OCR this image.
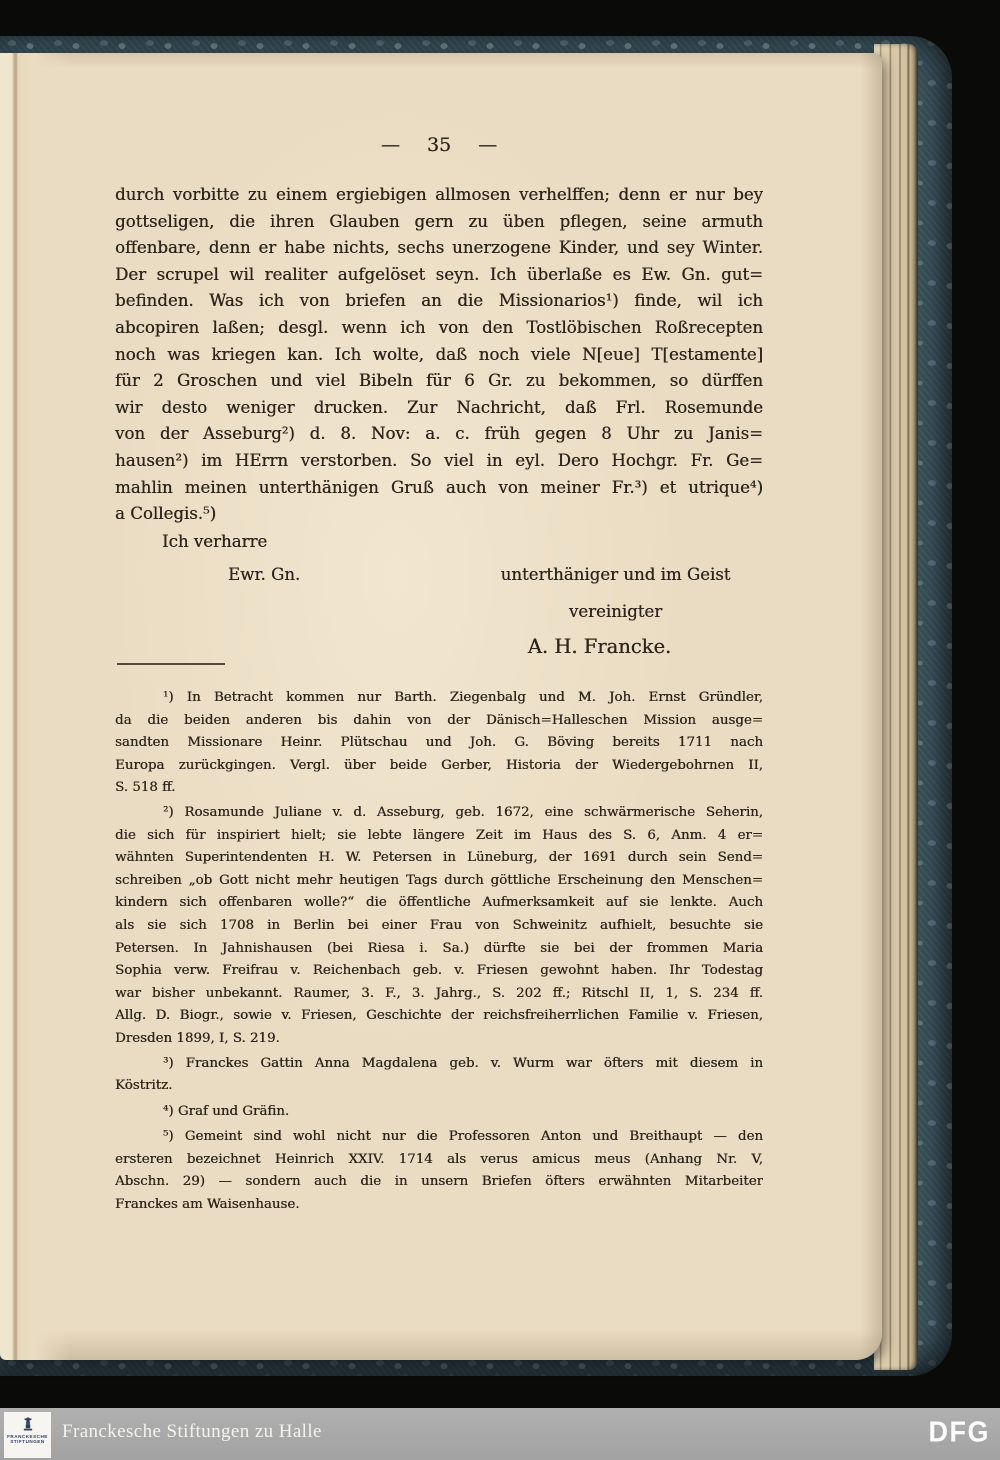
— 35 —
durch vorbitte zu einem ergiebigen allmosen verhelffen; denn er nur bey
gottseligen, die ihren Glauben gern zu üben pflegen, seine armuth
offenbare, denn er habe nichts, sechs unerzogene Kinder, und sey Winter.
Der scrupel wil realiter aufgelöset seyn. Ich überlaße es Ew. Gn. gut=
befinden. Was ich von briefen an die Missionarios¹) finde, wil ich
abcopiren laßen; desgl. wenn ich von den Tostlöbischen Roßrecepten
noch was kriegen kan. Ich wolte, daß noch viele N[eue] T[estamente]
für 2 Groschen und viel Bibeln für 6 Gr. zu bekommen, so dürffen
wir desto weniger drucken. Zur Nachricht, daß Frl. Rosemunde
von der Asseburg²) d. 8. Nov: a. c. früh gegen 8 Uhr zu Janis=
hausen²) im HErrn verstorben. So viel in eyl. Dero Hochgr. Fr. Ge=
mahlin meinen unterthänigen Gruß auch von meiner Fr.³) et utrique⁴)
a Collegis.⁵)
Ich verharre
Ewr. Gn.	unterthäniger und im Geist
vereinigter
A. H. Francke.
¹) In Betracht kommen nur Barth. Ziegenbalg und M. Joh. Ernst Gründler,
da die beiden anderen bis dahin von der Dänisch=Halleschen Mission ausge=
sandten Missionare Heinr. Plütschau und Joh. G. Böving bereits 1711 nach
Europa zurückgingen. Vergl. über beide Gerber, Historia der Wiedergebohrnen II,
S. 518 ff.
²) Rosamunde Juliane v. d. Asseburg, geb. 1672, eine schwärmerische Seherin,
die sich für inspiriert hielt; sie lebte längere Zeit im Haus des S. 6, Anm. 4 er=
wähnten Superintendenten H. W. Petersen in Lüneburg, der 1691 durch sein Send=
schreiben „ob Gott nicht mehr heutigen Tags durch göttliche Erscheinung den Menschen=
kindern sich offenbaren wolle?“ die öffentliche Aufmerksamkeit auf sie lenkte. Auch
als sie sich 1708 in Berlin bei einer Frau von Schweinitz aufhielt, besuchte sie
Petersen. In Jahnishausen (bei Riesa i. Sa.) dürfte sie bei der frommen Maria
Sophia verw. Freifrau v. Reichenbach geb. v. Friesen gewohnt haben. Ihr Todestag
war bisher unbekannt. Raumer, 3. F., 3. Jahrg., S. 202 ff.; Ritschl II, 1, S. 234 ff.
Allg. D. Biogr., sowie v. Friesen, Geschichte der reichsfreiherrlichen Familie v. Friesen,
Dresden 1899, I, S. 219.
³) Franckes Gattin Anna Magdalena geb. v. Wurm war öfters mit diesem in
Köstritz.
⁴) Graf und Gräfin.
⁵) Gemeint sind wohl nicht nur die Professoren Anton und Breithaupt — den
ersteren bezeichnet Heinrich XXIV. 1714 als verus amicus meus (Anhang Nr. V,
Abschn. 29) — sondern auch die in unsern Briefen öfters erwähnten Mitarbeiter
Franckes am Waisenhause.
FRANCKESCHE
STIFTUNGEN Franckesche Stiftungen zu Halle	DFG
